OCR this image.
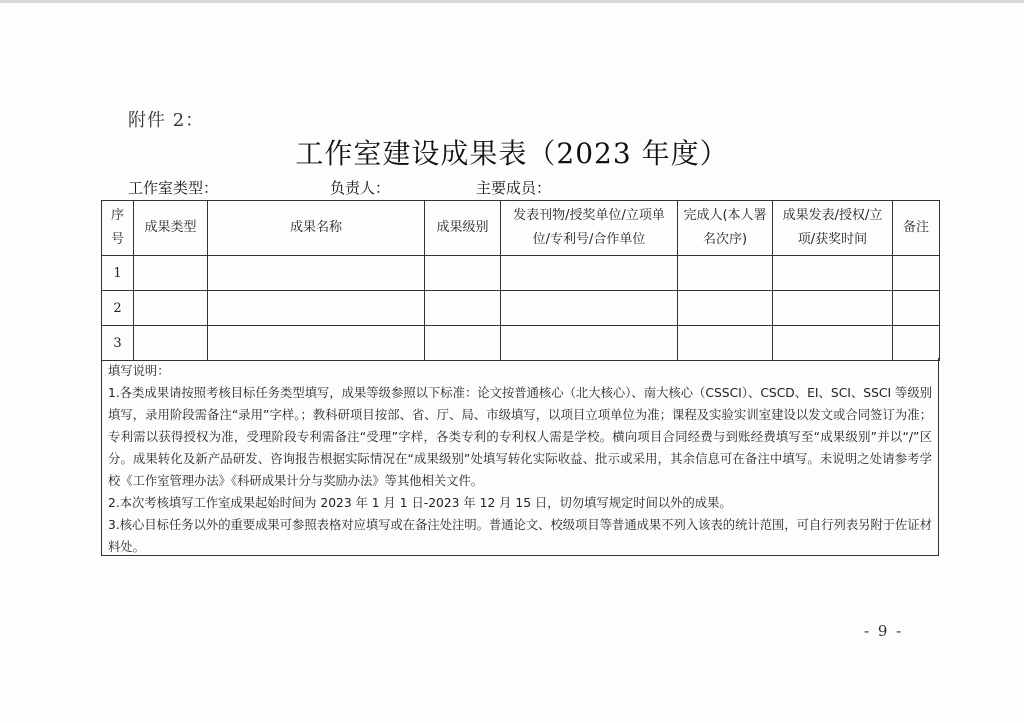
附件 2：
工作室建设成果表（2023 年度）
工作室类型：	负责人：	主要成员：
序号	成果类型	成果名称	成果级别	发表刊物/授奖单位/立项单位/专利号/合作单位	完成人(本人署名次序)	成果发表/授权/立项/获奖时间	备注
1							
2							
3							

填写说明：

1.各类成果请按照考核目标任务类型填写，成果等级参照以下标准：论文按普通核心（北大核心）、南大核心（CSSCI）、CSCD、EI、SCI、SSCI 等级别填写，录用阶段需备注“录用”字样。；教科研项目按部、省、厅、局、市级填写，以项目立项单位为准；课程及实验实训室建设以发文或合同签订为准；专利需以获得授权为准，受理阶段专利需备注“受理”字样，各类专利的专利权人需是学校。横向项目合同经费与到账经费填写至“成果级别”并以“/”区分。成果转化及新产品研发、咨询报告根据实际情况在“成果级别”处填写转化实际收益、批示或采用，其余信息可在备注中填写。未说明之处请参考学校《工作室管理办法》《科研成果计分与奖励办法》等其他相关文件。

2.本次考核填写工作室成果起始时间为 2023 年 1 月 1 日-2023 年 12 月 15 日，切勿填写规定时间以外的成果。

3.核心目标任务以外的重要成果可参照表格对应填写或在备注处注明。普通论文、校级项目等普通成果不列入该表的统计范围，可自行列表另附于佐证材料处。

- 9 -
